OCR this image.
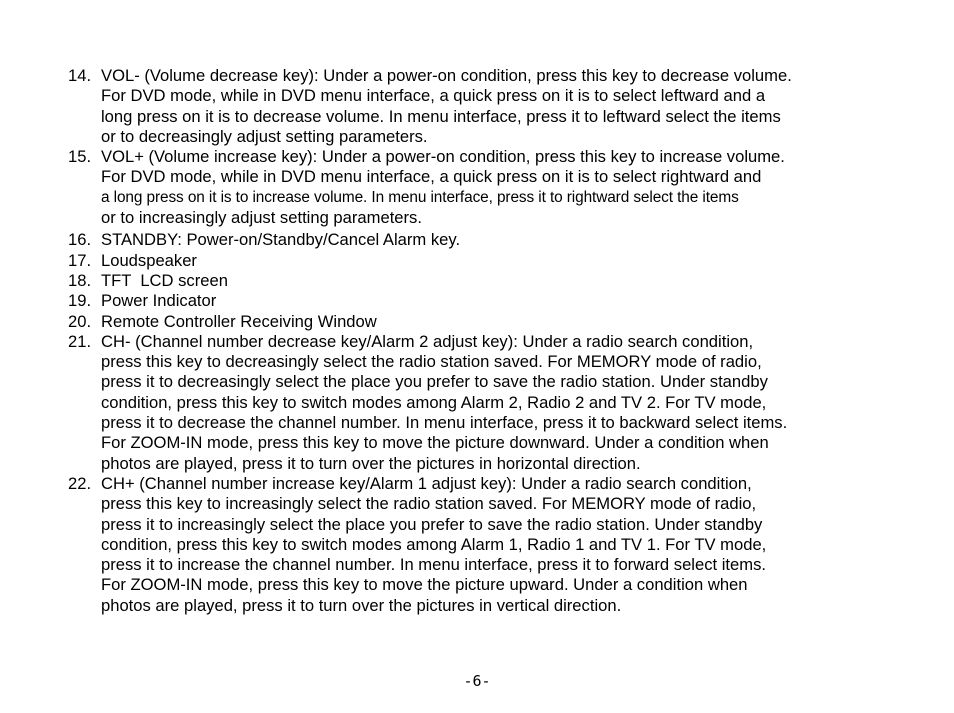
14. VOL- (Volume decrease key): Under a power-on condition, press this key to decrease volume.
For DVD mode, while in DVD menu interface, a quick press on it is to select leftward and a
long press on it is to decrease volume. In menu interface, press it to leftward select the items
or to decreasingly adjust setting parameters.
15. VOL+ (Volume increase key): Under a power-on condition, press this key to increase volume.
For DVD mode, while in DVD menu interface, a quick press on it is to select rightward and
a long press on it is to increase volume. In menu interface, press it to rightward select the items
or to increasingly adjust setting parameters.
16. STANDBY: Power-on/Standby/Cancel Alarm key.
17. Loudspeaker
18. TFT  LCD screen
19. Power Indicator
20. Remote Controller Receiving Window
21. CH- (Channel number decrease key/Alarm 2 adjust key): Under a radio search condition,
press this key to decreasingly select the radio station saved. For MEMORY mode of radio,
press it to decreasingly select the place you prefer to save the radio station. Under standby
condition, press this key to switch modes among Alarm 2, Radio 2 and TV 2. For TV mode,
press it to decrease the channel number. In menu interface, press it to backward select items.
For ZOOM-IN mode, press this key to move the picture downward. Under a condition when
photos are played, press it to turn over the pictures in horizontal direction.
22. CH+ (Channel number increase key/Alarm 1 adjust key): Under a radio search condition,
press this key to increasingly select the radio station saved. For MEMORY mode of radio,
press it to increasingly select the place you prefer to save the radio station. Under standby
condition, press this key to switch modes among Alarm 1, Radio 1 and TV 1. For TV mode,
press it to increase the channel number. In menu interface, press it to forward select items.
For ZOOM-IN mode, press this key to move the picture upward. Under a condition when
photos are played, press it to turn over the pictures in vertical direction.
-6-
